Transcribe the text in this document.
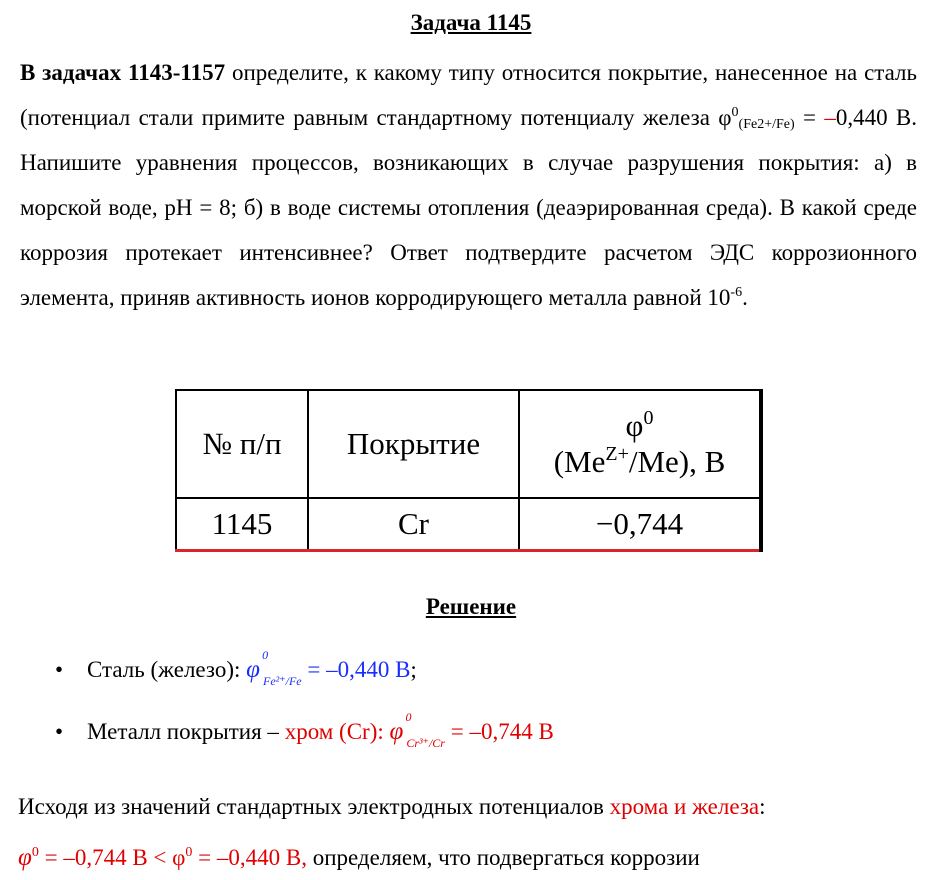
Задача 1145
В задачах 1143-1157 определите, к какому типу относится покрытие, нанесенное на сталь (потенциал стали примите равным стандартному потенциалу железа $\varphi^0_{(Fe2+/Fe)} = -0,440$ В. Напишите уравнения процессов, возникающих в случае разрушения покрытия: а) в морской воде, рН = 8; б) в воде системы отопления (деаэрированная среда). В какой среде коррозия протекает интенсивнее? Ответ подтвердите расчетом ЭДС коррозионного элемента, приняв активность ионов корродирующего металла равной $10^{-6}$.
№ п/п	Покрытие	$\varphi^0$
$(Me^{Z+}/Me)$, B

1145	Cr	−0,744
Решение
• Сталь (железо): φ
0
$_{Fe^{2+}/Fe}$ = –0,440 В;
• Металл покрытия – хром (Cr): φ
0
$_{Cr^{3+}/Cr}$ = –0,744 В
Исходя из значений стандартных электродных потенциалов хрома и железа:
$\varphi^0 = -0,744$ $В < \varphi^0 = -0,440$ В, определяем, что подвергаться коррозии
